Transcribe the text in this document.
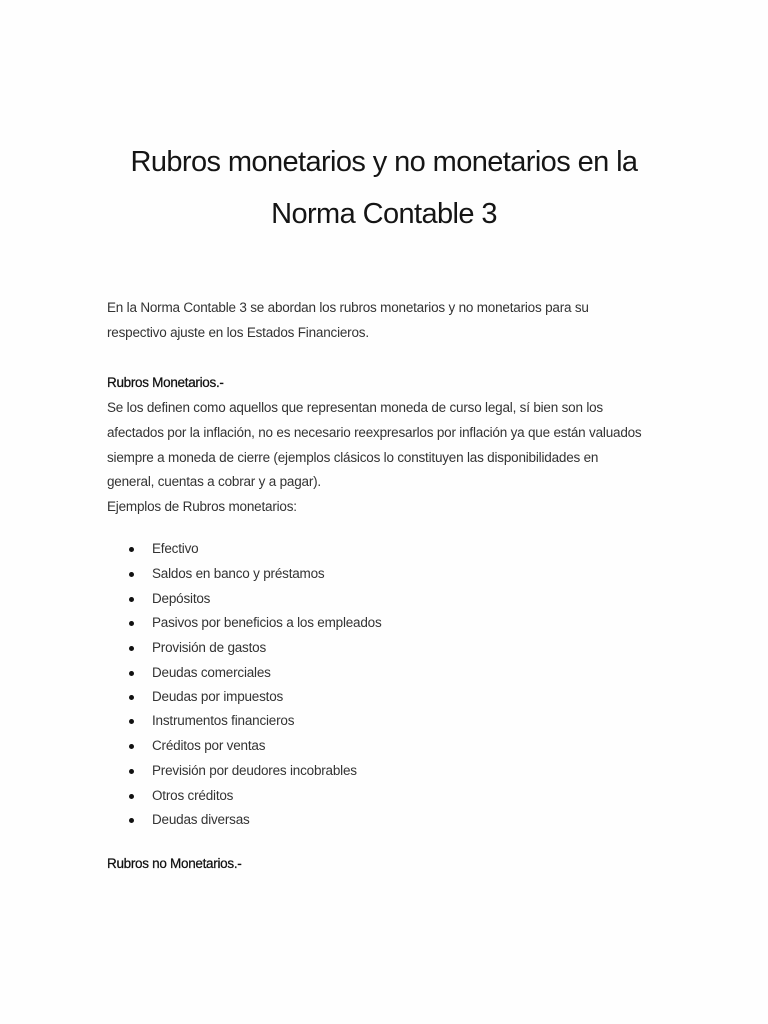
Rubros monetarios y no monetarios en la
Norma Contable 3

En la Norma Contable 3 se abordan los rubros monetarios y no monetarios para su

respectivo ajuste en los Estados Financieros.

Rubros Monetarios.-

Se los definen como aquellos que representan moneda de curso legal, sí bien son los

afectados por la inflación, no es necesario reexpresarlos por inflación ya que están valuados

siempre a moneda de cierre (ejemplos clásicos lo constituyen las disponibilidades en

general, cuentas a cobrar y a pagar).

Ejemplos de Rubros monetarios:

Efectivo
Saldos en banco y préstamos
Depósitos
Pasivos por beneficios a los empleados
Provisión de gastos
Deudas comerciales
Deudas por impuestos
Instrumentos financieros
Créditos por ventas
Previsión por deudores incobrables
Otros créditos
Deudas diversas
Rubros no Monetarios.-
